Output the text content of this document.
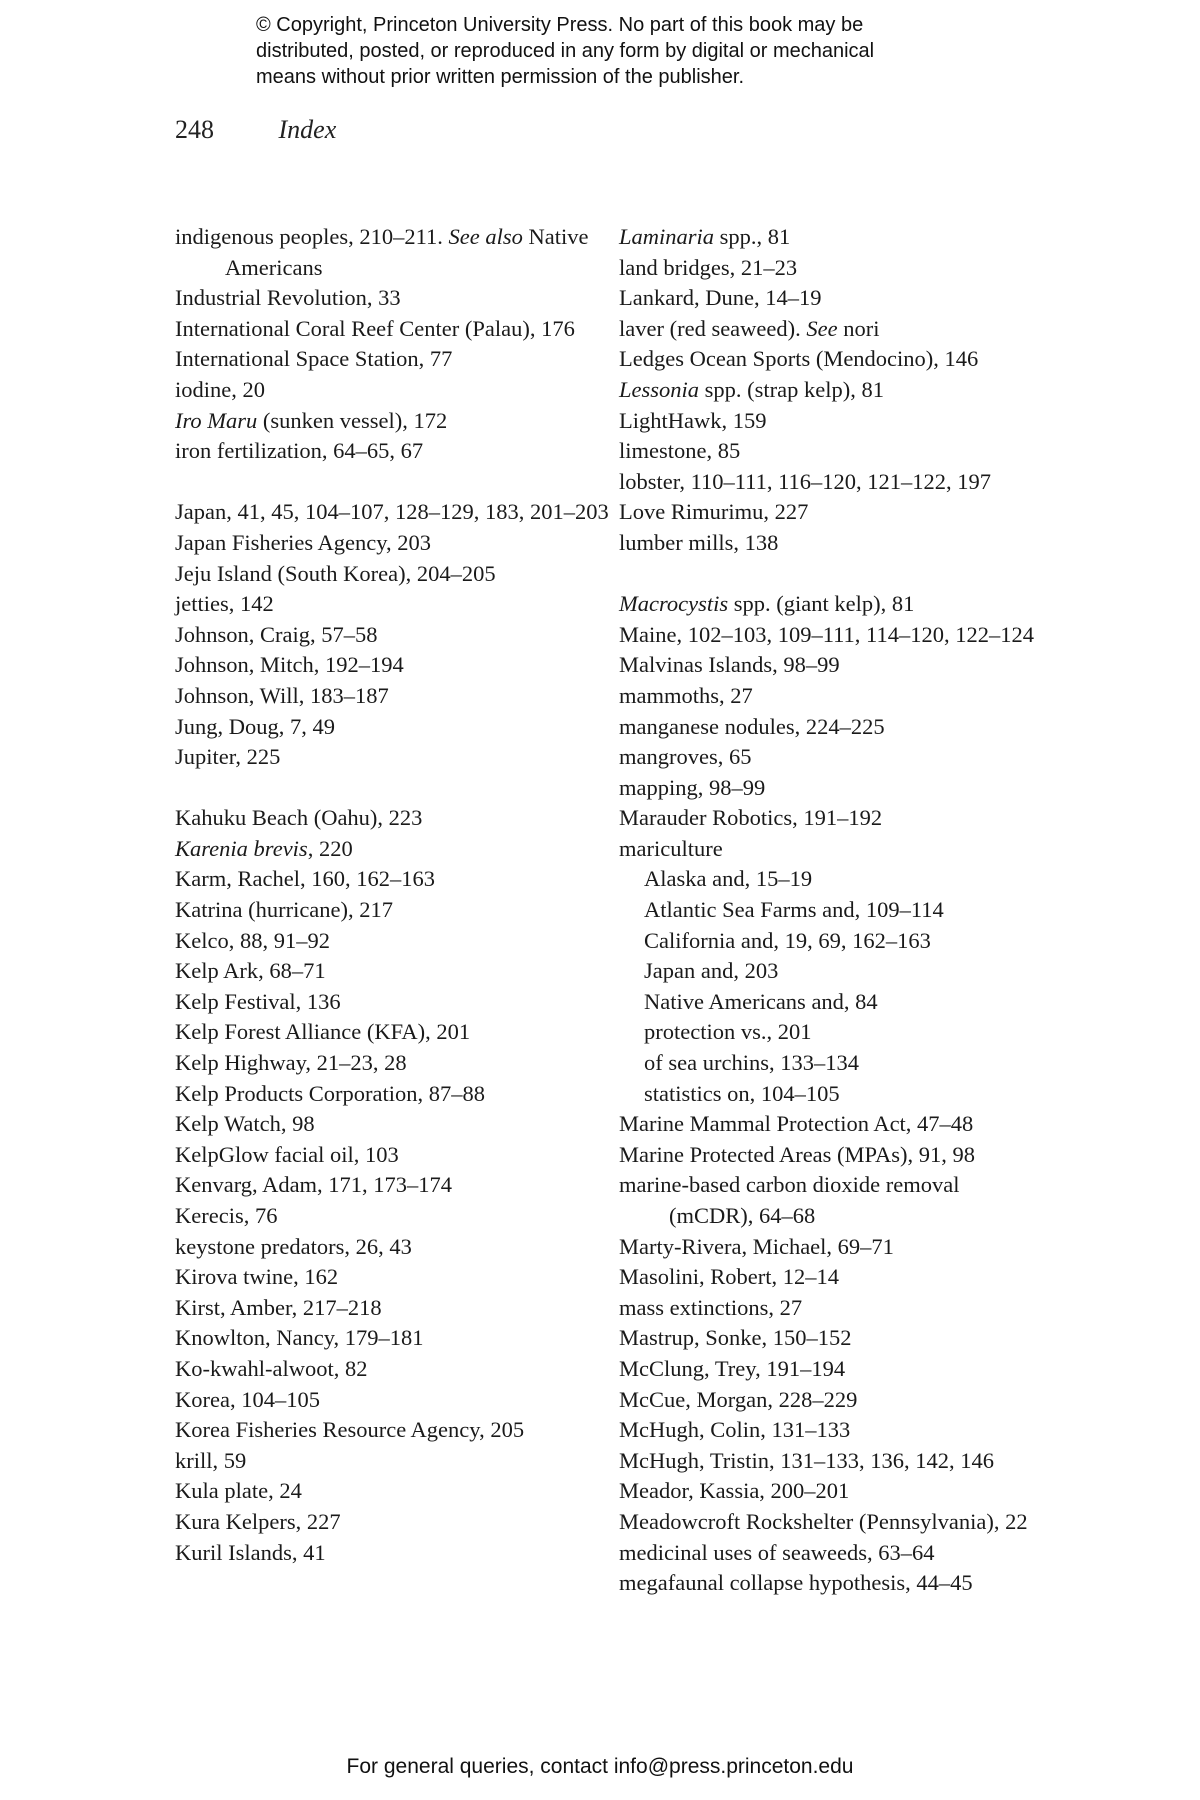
© Copyright, Princeton University Press. No part of this book may be
distributed, posted, or reproduced in any form by digital or mechanical
means without prior written permission of the publisher.
248 Index
indigenous peoples, 210–211. See also Native Americans
Industrial Revolution, 33
International Coral Reef Center (Palau), 176
International Space Station, 77
iodine, 20
Iro Maru (sunken vessel), 172
iron fertilization, 64–65, 67
Japan, 41, 45, 104–107, 128–129, 183, 201–203
Japan Fisheries Agency, 203
Jeju Island (South Korea), 204–205
jetties, 142
Johnson, Craig, 57–58
Johnson, Mitch, 192–194
Johnson, Will, 183–187
Jung, Doug, 7, 49
Jupiter, 225
Kahuku Beach (Oahu), 223
Karenia brevis, 220
Karm, Rachel, 160, 162–163
Katrina (hurricane), 217
Kelco, 88, 91–92
Kelp Ark, 68–71
Kelp Festival, 136
Kelp Forest Alliance (KFA), 201
Kelp Highway, 21–23, 28
Kelp Products Corporation, 87–88
Kelp Watch, 98
KelpGlow facial oil, 103
Kenvarg, Adam, 171, 173–174
Kerecis, 76
keystone predators, 26, 43
Kirova twine, 162
Kirst, Amber, 217–218
Knowlton, Nancy, 179–181
Ko-kwahl-alwoot, 82
Korea, 104–105
Korea Fisheries Resource Agency, 205
krill, 59
Kula plate, 24
Kura Kelpers, 227
Kuril Islands, 41
Laminaria spp., 81
land bridges, 21–23
Lankard, Dune, 14–19
laver (red seaweed). See nori
Ledges Ocean Sports (Mendocino), 146
Lessonia spp. (strap kelp), 81
LightHawk, 159
limestone, 85
lobster, 110–111, 116–120, 121–122, 197
Love Rimurimu, 227
lumber mills, 138
Macrocystis spp. (giant kelp), 81
Maine, 102–103, 109–111, 114–120, 122–124
Malvinas Islands, 98–99
mammoths, 27
manganese nodules, 224–225
mangroves, 65
mapping, 98–99
Marauder Robotics, 191–192
mariculture
Alaska and, 15–19
Atlantic Sea Farms and, 109–114
California and, 19, 69, 162–163
Japan and, 203
Native Americans and, 84
protection vs., 201
of sea urchins, 133–134
statistics on, 104–105
Marine Mammal Protection Act, 47–48
Marine Protected Areas (MPAs), 91, 98
marine-based carbon dioxide removal (mCDR), 64–68
Marty-Rivera, Michael, 69–71
Masolini, Robert, 12–14
mass extinctions, 27
Mastrup, Sonke, 150–152
McClung, Trey, 191–194
McCue, Morgan, 228–229
McHugh, Colin, 131–133
McHugh, Tristin, 131–133, 136, 142, 146
Meador, Kassia, 200–201
Meadowcroft Rockshelter (Pennsylvania), 22
medicinal uses of seaweeds, 63–64
megafaunal collapse hypothesis, 44–45
For general queries, contact info@press.princeton.edu
